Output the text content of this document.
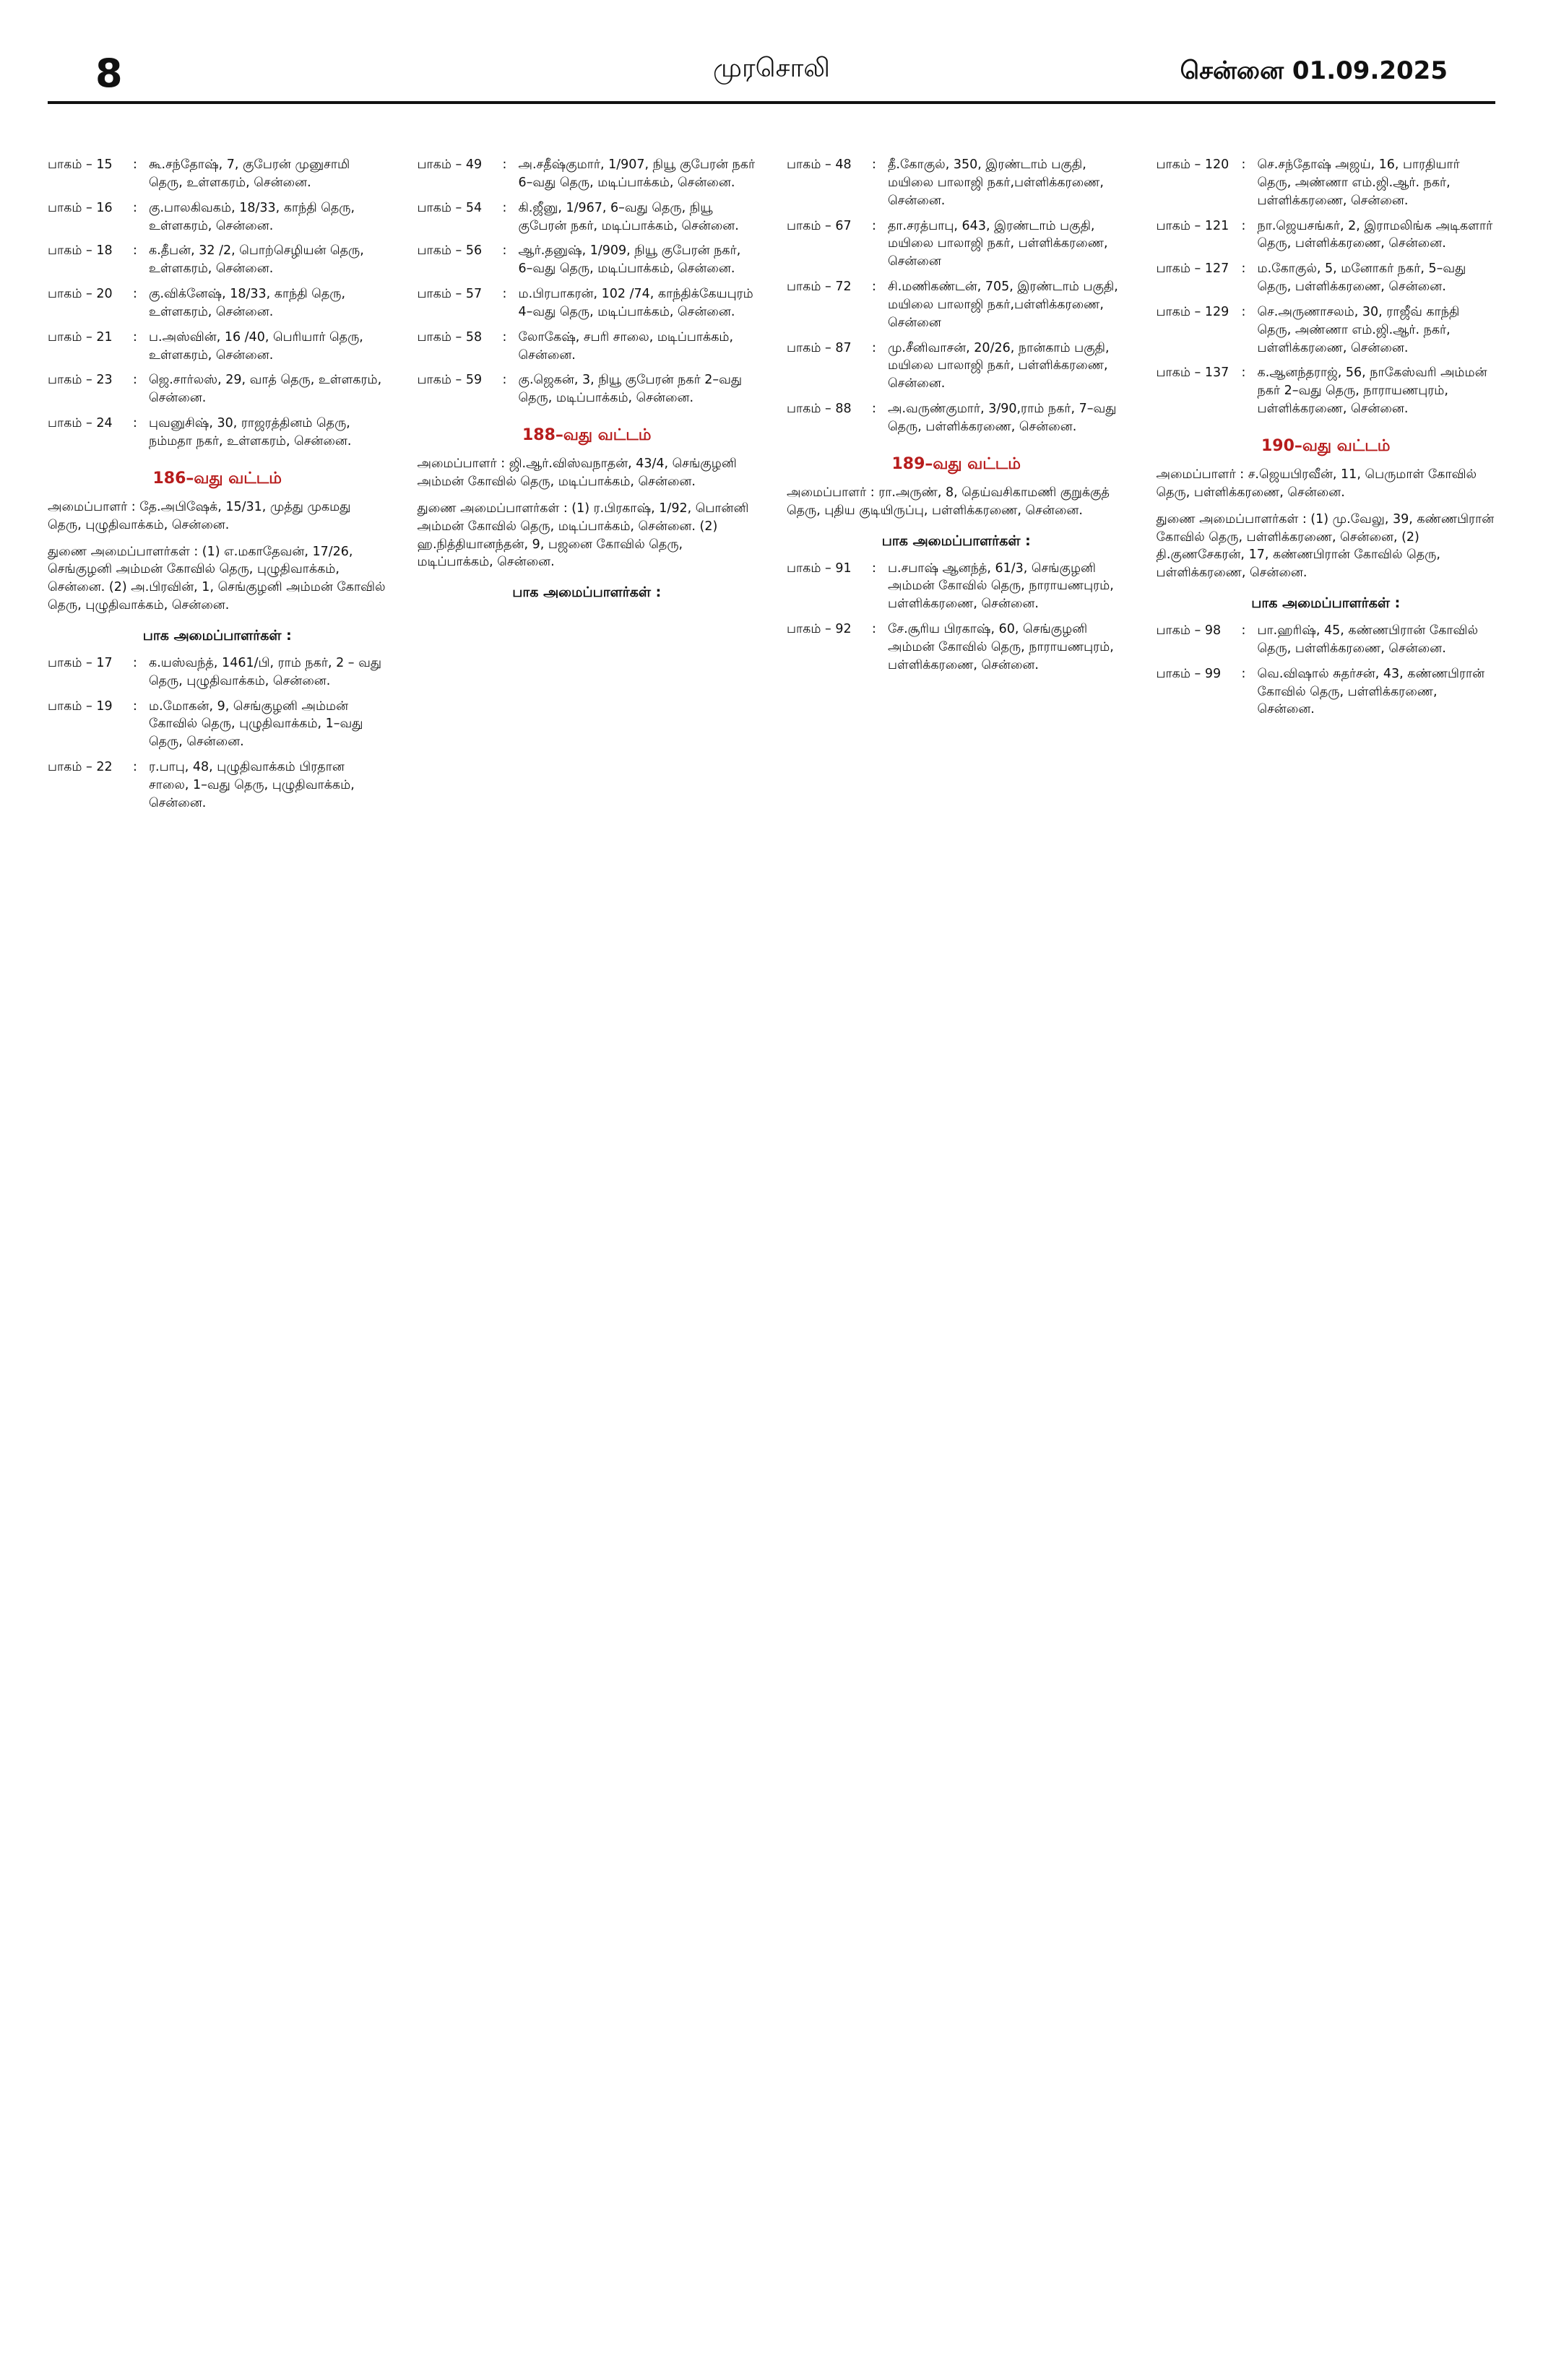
8	முரசொலி	சென்னை 01.09.2025
பாகம் – 15	: கூ.சந்தோஷ், 7, குபேரன் முனுசாமி தெரு, உள்ளகரம், சென்னை.
பாகம் – 16	: கு.பாலகிவகம், 18/33, காந்தி தெரு, உள்ளகரம், சென்னை.
பாகம் – 18	: க.தீபன், 32 /2, பொற்செழியன் தெரு, உள்ளகரம், சென்னை.
பாகம் – 20	: கு.விக்னேஷ், 18/33, காந்தி தெரு, உள்ளகரம், சென்னை.
பாகம் – 21	: ப.அஸ்வின், 16 /40, பெரியார் தெரு, உள்ளகரம், சென்னை.
பாகம் – 23	: ஜெ.சார்லஸ், 29, வாத் தெரு, உள்ளகரம், சென்னை.
பாகம் – 24	: புவனுசிஷ், 30, ராஜரத்தினம் தெரு, நம்மதா நகர், உள்ளகரம், சென்னை.
186–வது வட்டம்
அமைப்பாளர் : தே.அபிஷேக், 15/31, முத்து முகமது தெரு, புழுதிவாக்கம், சென்னை.
துணை அமைப்பாளர்கள் : (1) எ.மகாதேவன், 17/26, செங்குழனி அம்மன் கோவில் தெரு, புழுதிவாக்கம், சென்னை. (2) அ.பிரவின், 1, செங்குழனி அம்மன் கோவில் தெரு, புழுதிவாக்கம், சென்னை.
பாக அமைப்பாளர்கள் :
பாகம் – 17	: க.யஸ்வந்த், 1461/பி, ராம் நகர், 2 – வது தெரு, புழுதிவாக்கம், சென்னை.
பாகம் – 19	: ம.மோகன், 9, செங்குழனி அம்மன் கோவில் தெரு, புழுதிவாக்கம், 1–வது தெரு, சென்னை.
பாகம் – 22	: ர.பாபு, 48, புழுதிவாக்கம் பிரதான சாலை, 1–வது தெரு, புழுதிவாக்கம், சென்னை.
பாகம் – 49	: அ.சதீஷ்குமார், 1/907, நியூ குபேரன் நகர் 6–வது தெரு, மடிப்பாக்கம், சென்னை.
பாகம் – 54	: கி.ஜீனு, 1/967, 6–வது தெரு, நியூ குபேரன் நகர், மடிப்பாக்கம், சென்னை.
பாகம் – 56	: ஆர்.தனுஷ், 1/909, நியூ குபேரன் நகர், 6–வது தெரு, மடிப்பாக்கம், சென்னை.
பாகம் – 57	: ம.பிரபாகரன், 102 /74, காந்திக்கேயபுரம் 4–வது தெரு, மடிப்பாக்கம், சென்னை.
பாகம் – 58	: லோகேஷ், சபரி சாலை, மடிப்பாக்கம், சென்னை.
பாகம் – 59	: கு.ஜெகன், 3, நியூ குபேரன் நகர் 2–வது தெரு, மடிப்பாக்கம், சென்னை.
188–வது வட்டம்
அமைப்பாளர் : ஜி.ஆர்.விஸ்வநாதன், 43/4, செங்குழனி அம்மன் கோவில் தெரு, மடிப்பாக்கம், சென்னை.
துணை அமைப்பாளர்கள் : (1) ர.பிரகாஷ், 1/92, பொன்னி அம்மன் கோவில் தெரு, மடிப்பாக்கம், சென்னை. (2) ஹ.நித்தியானந்தன், 9, பஜனை கோவில் தெரு, மடிப்பாக்கம், சென்னை.
பாக அமைப்பாளர்கள் :
பாகம் – 48	: தீ.கோகுல், 350, இரண்டாம் பகுதி, மயிலை பாலாஜி நகர்,பள்ளிக்கரணை, சென்னை.
பாகம் – 67	: தா.சரத்பாபு, 643, இரண்டாம் பகுதி, மயிலை பாலாஜி நகர், பள்ளிக்கரணை, சென்னை
பாகம் – 72	: சி.மணிகண்டன், 705, இரண்டாம் பகுதி, மயிலை பாலாஜி நகர்,பள்ளிக்கரணை, சென்னை
பாகம் – 87	: மு.சீனிவாசன், 20/26, நான்காம் பகுதி, மயிலை பாலாஜி நகர், பள்ளிக்கரணை, சென்னை.
பாகம் – 88	: அ.வருண்குமார், 3/90,ராம் நகர், 7–வது தெரு, பள்ளிக்கரணை, சென்னை.
189–வது வட்டம்
அமைப்பாளர் : ரா.அருண், 8, தெய்வசிகாமணி குறுக்குத் தெரு, புதிய குடியிருப்பு, பள்ளிக்கரணை, சென்னை.
பாக அமைப்பாளர்கள் :
பாகம் – 91	: ப.சபாஷ் ஆனந்த், 61/3, செங்குழனி அம்மன் கோவில் தெரு, நாராயணபுரம், பள்ளிக்கரணை, சென்னை.
பாகம் – 92	: சே.சூரிய பிரகாஷ், 60, செங்குழனி அம்மன் கோவில் தெரு, நாராயணபுரம், பள்ளிக்கரணை, சென்னை.
பாகம் – 120 : செ.சந்தோஷ் அஜய், 16, பாரதியார் தெரு, அண்ணா எம்.ஜி.ஆர். நகர், பள்ளிக்கரணை, சென்னை.
பாகம் – 121 : நா.ஜெயசங்கர், 2, இராமலிங்க அடிகளார் தெரு, பள்ளிக்கரணை, சென்னை.
பாகம் – 127 : ம.கோகுல், 5, மனோகர் நகர், 5–வது தெரு, பள்ளிக்கரணை, சென்னை.
பாகம் – 129 : செ.அருணாசலம், 30, ராஜீவ் காந்தி தெரு, அண்ணா எம்.ஜி.ஆர். நகர், பள்ளிக்கரணை, சென்னை.
பாகம் – 137 : க.ஆனந்தராஜ், 56, நாகேஸ்வரி அம்மன் நகர் 2–வது தெரு, நாராயணபுரம், பள்ளிக்கரணை, சென்னை.
190–வது வட்டம்
அமைப்பாளர் : ச.ஜெயபிரவீன், 11, பெருமாள் கோவில் தெரு, பள்ளிக்கரணை, சென்னை.
துணை அமைப்பாளர்கள் : (1) மு.வேலு, 39, கண்ணபிரான் கோவில் தெரு, பள்ளிக்கரணை, சென்னை, (2) தி.குணசேகரன், 17, கண்ணபிரான் கோவில் தெரு, பள்ளிக்கரணை, சென்னை.
பாக அமைப்பாளர்கள் :
பாகம் – 98	: பா.ஹரிஷ், 45, கண்ணபிரான் கோவில் தெரு, பள்ளிக்கரணை, சென்னை.
பாகம் – 99	: வெ.விஷால் சுதர்சன், 43, கண்ணபிரான் கோவில் தெரு, பள்ளிக்கரணை, சென்னை.
